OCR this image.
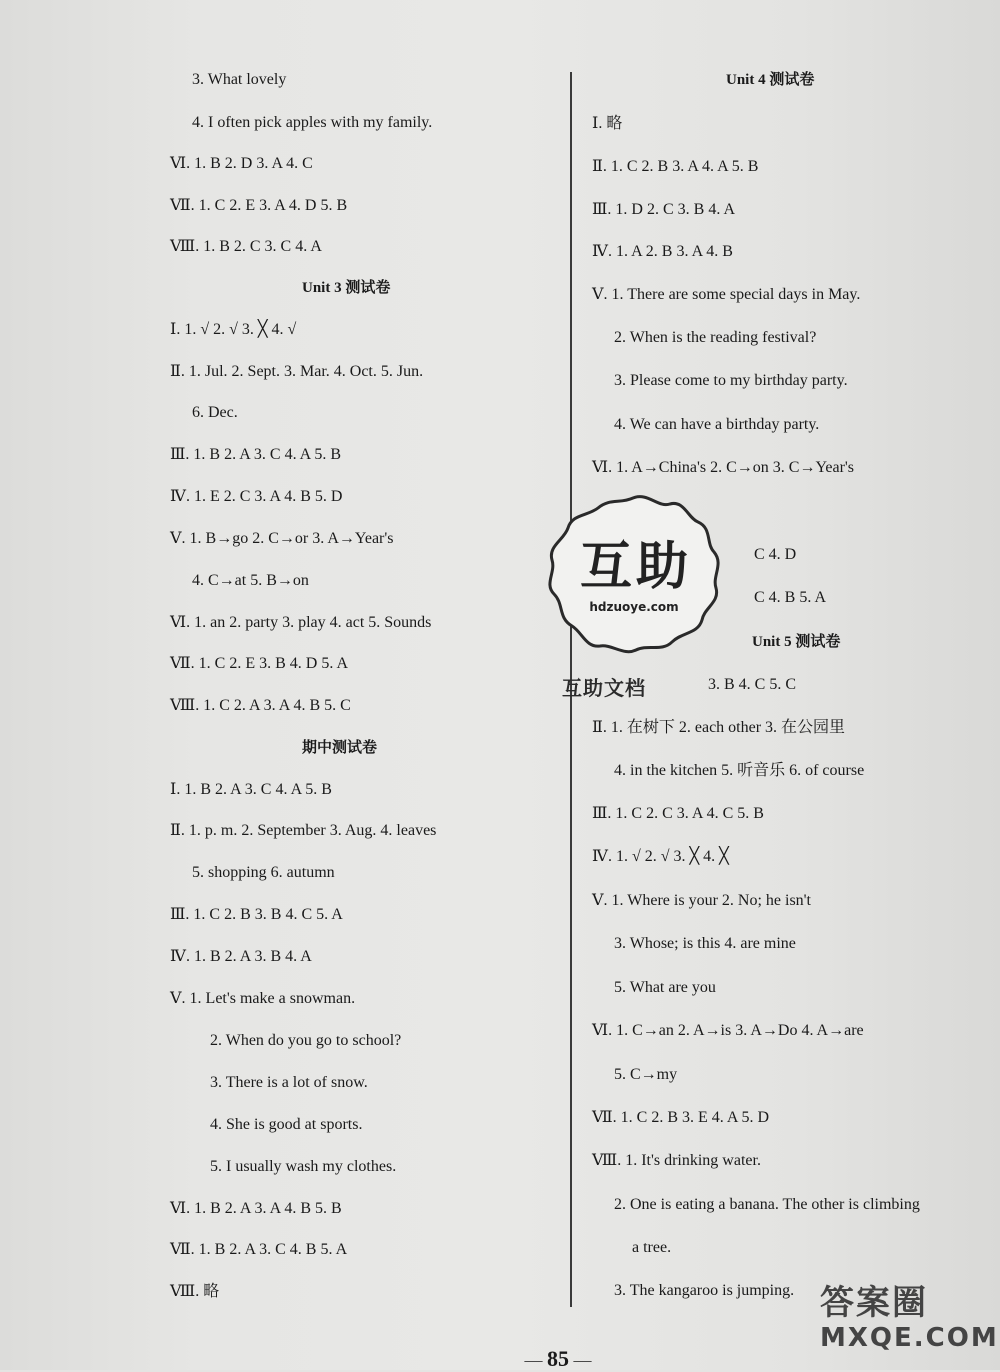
3. What lovely
4. I often pick apples with my family.
Ⅵ. 1. B 2. D 3. A 4. C
Ⅶ. 1. C 2. E 3. A 4. D 5. B
Ⅷ. 1. B 2. C 3. C 4. A
Unit 3 测试卷
Ⅰ. 1. √ 2. √ 3. ╳ 4. √
Ⅱ. 1. Jul. 2. Sept. 3. Mar. 4. Oct. 5. Jun.
6. Dec.
Ⅲ. 1. B 2. A 3. C 4. A 5. B
Ⅳ. 1. E 2. C 3. A 4. B 5. D
Ⅴ. 1. B→go 2. C→or 3. A→Year's
4. C→at 5. B→on
Ⅵ. 1. an 2. party 3. play 4. act 5. Sounds
Ⅶ. 1. C 2. E 3. B 4. D 5. A
Ⅷ. 1. C 2. A 3. A 4. B 5. C
期中测试卷
Ⅰ. 1. B 2. A 3. C 4. A 5. B
Ⅱ. 1. p. m. 2. September 3. Aug. 4. leaves
5. shopping 6. autumn
Ⅲ. 1. C 2. B 3. B 4. C 5. A
Ⅳ. 1. B 2. A 3. B 4. A
Ⅴ. 1. Let's make a snowman.
2. When do you go to school?
3. There is a lot of snow.
4. She is good at sports.
5. I usually wash my clothes.
Ⅵ. 1. B 2. A 3. A 4. B 5. B
Ⅶ. 1. B 2. A 3. C 4. B 5. A
Ⅷ. 略
Unit 4 测试卷
Ⅰ. 略
Ⅱ. 1. C 2. B 3. A 4. A 5. B
Ⅲ. 1. D 2. C 3. B 4. A
Ⅳ. 1. A 2. B 3. A 4. B
Ⅴ. 1. There are some special days in May.
2. When is the reading festival?
3. Please come to my birthday party.
4. We can have a birthday party.
Ⅵ. 1. A→China's 2. C→on 3. C→Year's
C 4. D
C 4. B 5. A
Unit 5 测试卷
3. B 4. C 5. C
Ⅱ. 1. 在树下 2. each other 3. 在公园里
4. in the kitchen 5. 听音乐 6. of course
Ⅲ. 1. C 2. C 3. A 4. C 5. B
Ⅳ. 1. √ 2. √ 3. ╳ 4. ╳
Ⅴ. 1. Where is your 2. No; he isn't
3. Whose; is this 4. are mine
5. What are you
Ⅵ. 1. C→an 2. A→is 3. A→Do 4. A→are
5. C→my
Ⅶ. 1. C 2. B 3. E 4. A 5. D
Ⅷ. 1. It's drinking water.
2. One is eating a banana. The other is climbing
a tree.
3. The kangaroo is jumping.
互助
hdzuoye.com
互助文档
— 85 —
答案圈
MXQE.COM
